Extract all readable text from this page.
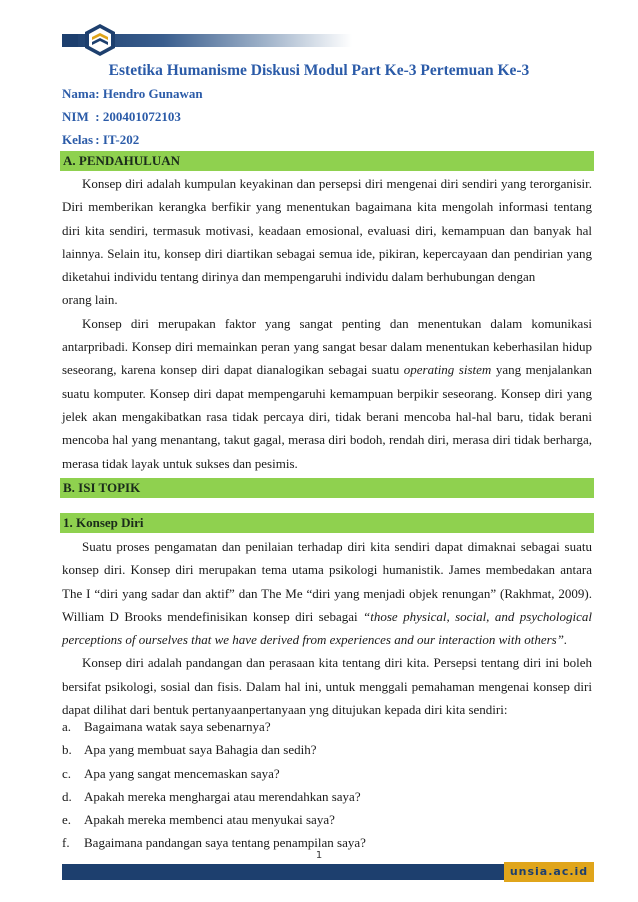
Estetika Humanisme Diskusi Modul Part Ke-3 Pertemuan Ke-3
Nama : Hendro Gunawan
NIM : 200401072103
Kelas : IT-202
A. PENDAHULUAN

Konsep diri adalah kumpulan keyakinan dan persepsi diri mengenai diri sendiri yang terorganisir. Diri memberikan kerangka berfikir yang menentukan bagaimana kita mengolah informasi tentang diri kita sendiri, termasuk motivasi, keadaan emosional, evaluasi diri, kemampuan dan banyak hal lainnya. Selain itu, konsep diri diartikan sebagai semua ide, pikiran, kepercayaan dan pendirian yang diketahui individu tentang dirinya dan mempengaruhi individu dalam berhubungan dengan

orang lain.

Konsep diri merupakan faktor yang sangat penting dan menentukan dalam komunikasi antarpribadi. Konsep diri memainkan peran yang sangat besar dalam menentukan keberhasilan hidup seseorang, karena konsep diri dapat dianalogikan sebagai suatu operating sistem yang menjalankan suatu komputer. Konsep diri dapat mempengaruhi kemampuan berpikir seseorang. Konsep diri yang jelek akan mengakibatkan rasa tidak percaya diri, tidak berani mencoba hal-hal baru, tidak berani mencoba hal yang menantang, takut gagal, merasa diri bodoh, rendah diri, merasa diri tidak berharga, merasa tidak layak untuk sukses dan pesimis.

B. ISI TOPIK
1. Konsep Diri

Suatu proses pengamatan dan penilaian terhadap diri kita sendiri dapat dimaknai sebagai suatu konsep diri. Konsep diri merupakan tema utama psikologi humanistik. James membedakan antara The I “diri yang sadar dan aktif” dan The Me “diri yang menjadi objek renungan” (Rakhmat, 2009). William D Brooks mendefinisikan konsep diri sebagai “those physical, social, and psychological perceptions of ourselves that we have derived from experiences and our interaction with others”.

Konsep diri adalah pandangan dan perasaan kita tentang diri kita. Persepsi tentang diri ini boleh bersifat psikologi, sosial dan fisis. Dalam hal ini, untuk menggali pemahaman mengenai konsep diri dapat dilihat dari bentuk pertanyaanpertanyaan yng ditujukan kepada diri kita sendiri:

a. Bagaimana watak saya sebenarnya?
b. Apa yang membuat saya Bahagia dan sedih?
c. Apa yang sangat mencemaskan saya?
d. Apakah mereka menghargai atau merendahkan saya?
e. Apakah mereka membenci atau menyukai saya?
f.	Bagaimana pandangan saya tentang penampilan saya?
1
unsia.ac.id
